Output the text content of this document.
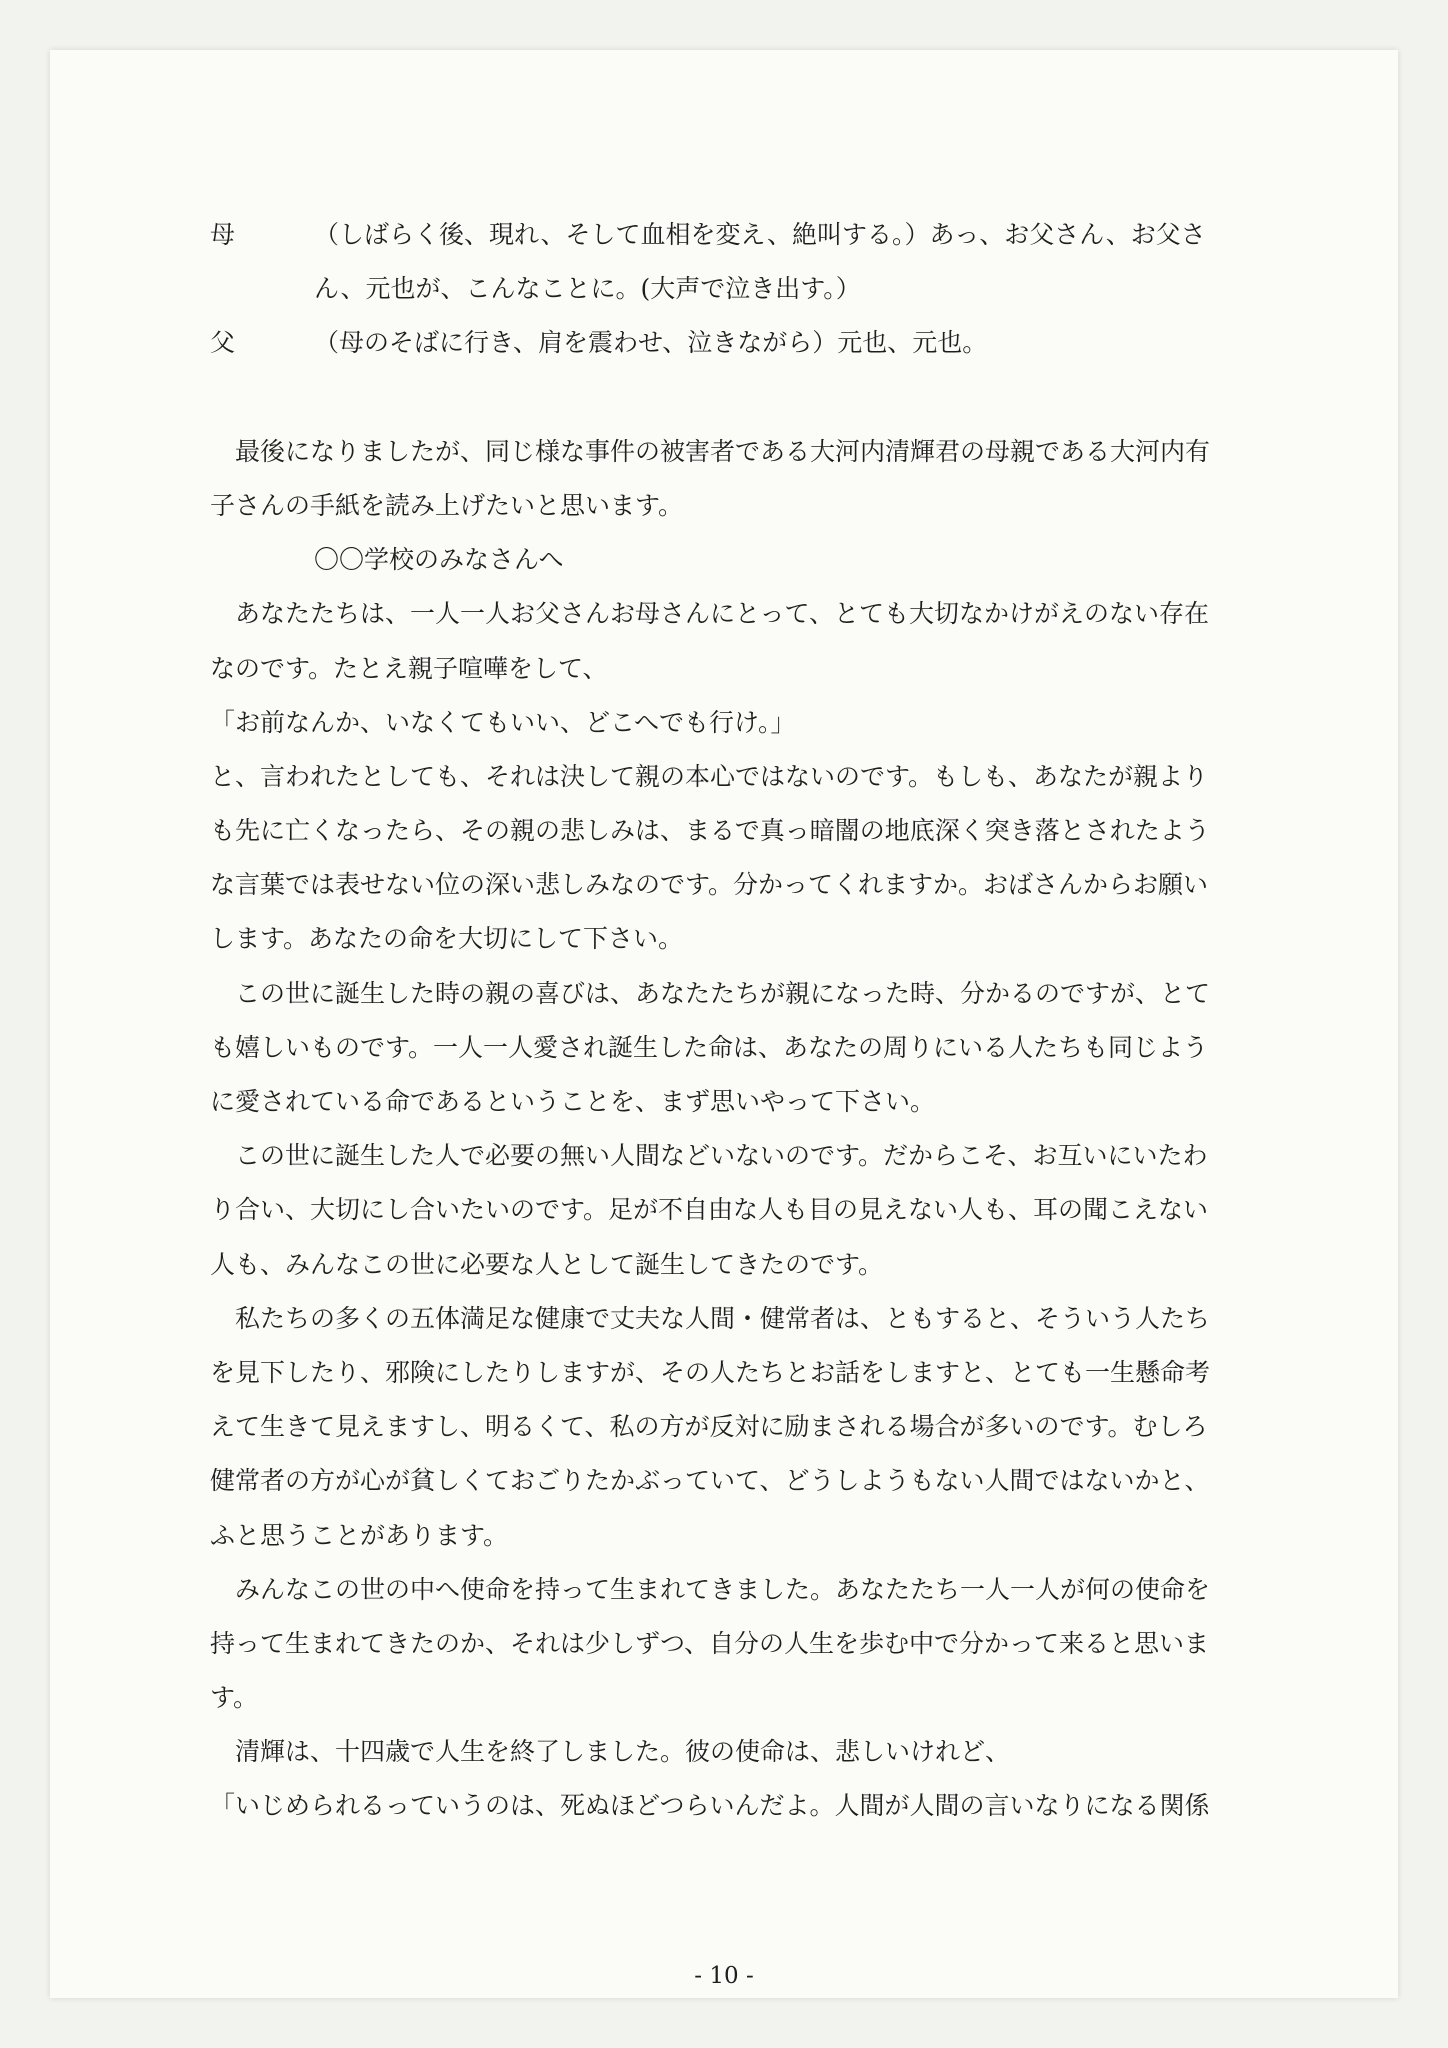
母	（しばらく後、現れ、そして血相を変え、絶叫する。）あっ、お父さん、お父さ
ん、元也が、こんなことに。(大声で泣き出す。）
父	（母のそばに行き、肩を震わせ、泣きながら）元也、元也。
最後になりましたが、同じ様な事件の被害者である大河内清輝君の母親である大河内有
子さんの手紙を読み上げたいと思います。
〇〇学校のみなさんへ
あなたたちは、一人一人お父さんお母さんにとって、とても大切なかけがえのない存在
なのです。たとえ親子喧嘩をして、
「お前なんか、いなくてもいい、どこへでも行け。」
と、言われたとしても、それは決して親の本心ではないのです。もしも、あなたが親より
も先に亡くなったら、その親の悲しみは、まるで真っ暗闇の地底深く突き落とされたよう
な言葉では表せない位の深い悲しみなのです。分かってくれますか。おばさんからお願い
します。あなたの命を大切にして下さい。
この世に誕生した時の親の喜びは、あなたたちが親になった時、分かるのですが、とて
も嬉しいものです。一人一人愛され誕生した命は、あなたの周りにいる人たちも同じよう
に愛されている命であるということを、まず思いやって下さい。
この世に誕生した人で必要の無い人間などいないのです。だからこそ、お互いにいたわ
り合い、大切にし合いたいのです。足が不自由な人も目の見えない人も、耳の聞こえない
人も、みんなこの世に必要な人として誕生してきたのです。
私たちの多くの五体満足な健康で丈夫な人間・健常者は、ともすると、そういう人たち
を見下したり、邪険にしたりしますが、その人たちとお話をしますと、とても一生懸命考
えて生きて見えますし、明るくて、私の方が反対に励まされる場合が多いのです。むしろ
健常者の方が心が貧しくておごりたかぶっていて、どうしようもない人間ではないかと、
ふと思うことがあります。
みんなこの世の中へ使命を持って生まれてきました。あなたたち一人一人が何の使命を
持って生まれてきたのか、それは少しずつ、自分の人生を歩む中で分かって来ると思いま
す。
清輝は、十四歳で人生を終了しました。彼の使命は、悲しいけれど、
「いじめられるっていうのは、死ぬほどつらいんだよ。人間が人間の言いなりになる関係
- 10 -
